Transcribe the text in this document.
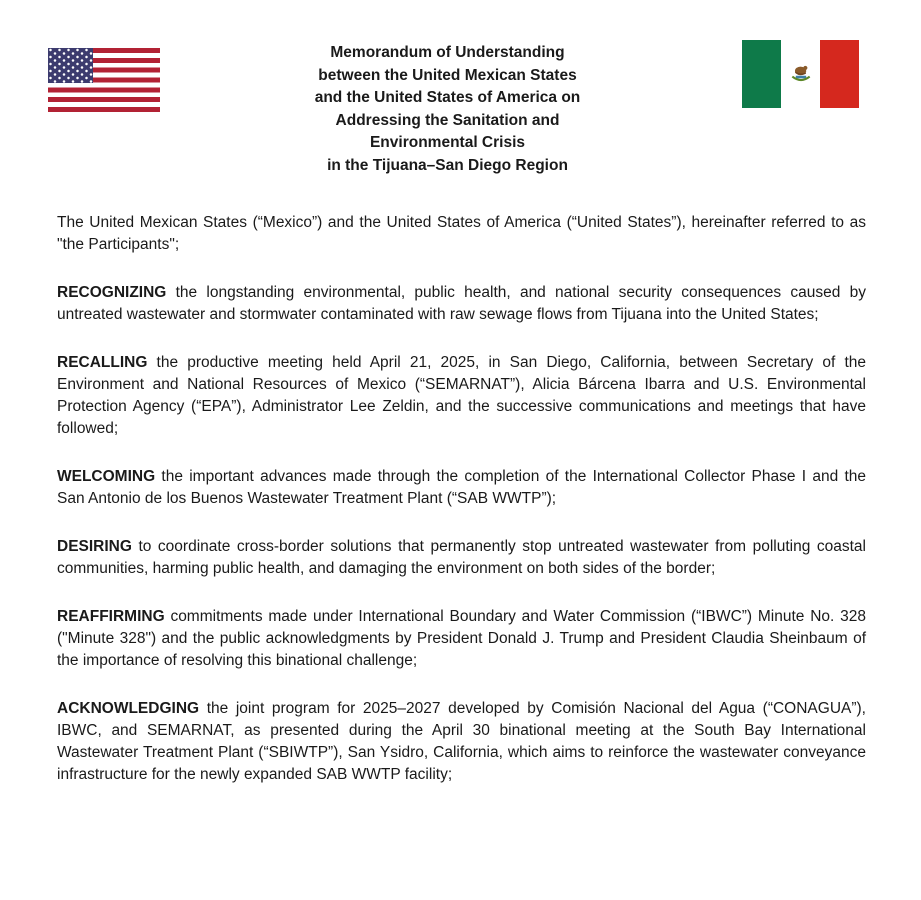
Memorandum of Understanding
between the United Mexican States
and the United States of America on
Addressing the Sanitation and
Environmental Crisis
in the Tijuana–San Diego Region

The United Mexican States (“Mexico”) and the United States of America (“United States”), hereinafter referred to as "the Participants";

RECOGNIZING the longstanding environmental, public health, and national security consequences caused by untreated wastewater and stormwater contaminated with raw sewage flows from Tijuana into the United States;

RECALLING the productive meeting held April 21, 2025, in San Diego, California, between Secretary of the Environment and National Resources of Mexico (“SEMARNAT”), Alicia Bárcena Ibarra and U.S. Environmental Protection Agency (“EPA”), Administrator Lee Zeldin, and the successive communications and meetings that have followed;

WELCOMING the important advances made through the completion of the International Collector Phase I and the San Antonio de los Buenos Wastewater Treatment Plant (“SAB WWTP”);

DESIRING to coordinate cross-border solutions that permanently stop untreated wastewater from polluting coastal communities, harming public health, and damaging the environment on both sides of the border;

REAFFIRMING commitments made under International Boundary and Water Commission (“IBWC”) Minute No. 328 ("Minute 328") and the public acknowledgments by President Donald J. Trump and President Claudia Sheinbaum of the importance of resolving this binational challenge;

ACKNOWLEDGING the joint program for 2025–2027 developed by Comisión Nacional del Agua (“CONAGUA”), IBWC, and SEMARNAT, as presented during the April 30 binational meeting at the South Bay International Wastewater Treatment Plant (“SBIWTP”), San Ysidro, California, which aims to reinforce the wastewater conveyance infrastructure for the newly expanded SAB WWTP facility;
